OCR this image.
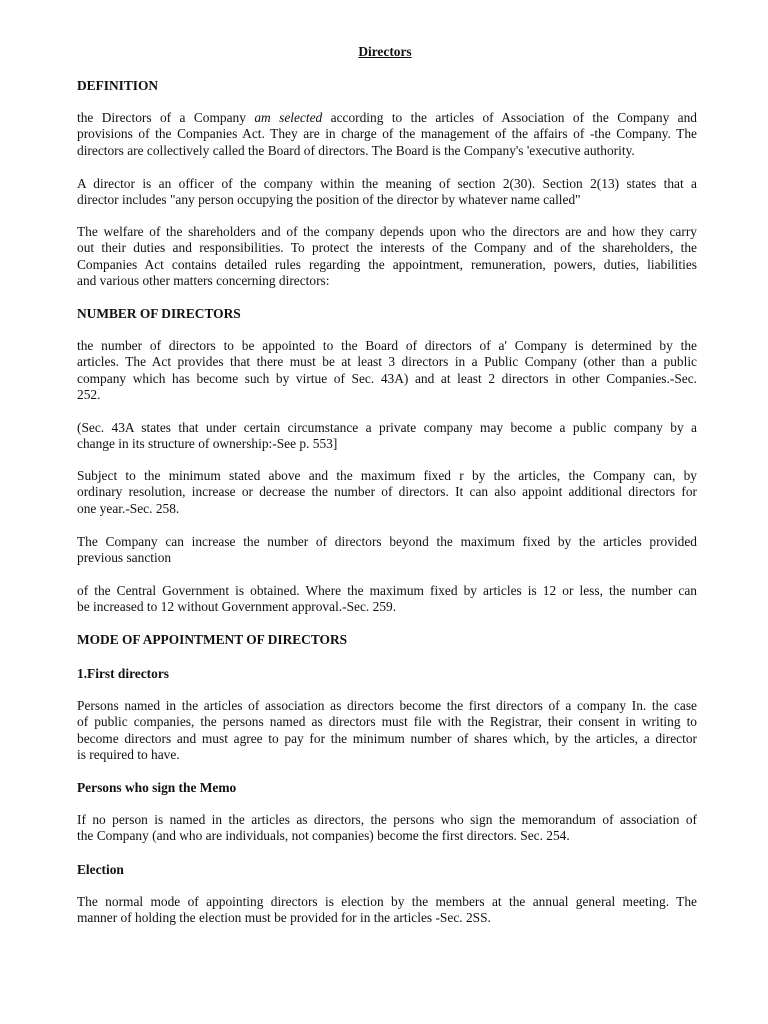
Directors
DEFINITION
the Directors of a Company am selected according to the articles of Association of the Company and
provisions of the Companies Act. They are in charge of the management of the affairs of -the Company. The
directors are collectively called the Board of directors. The Board is the Company's 'executive authority.
A director is an officer of the company within the meaning of section 2(30). Section 2(13) states that a
director includes "any person occupying the position of the director by whatever name called"
The welfare of the shareholders and of the company depends upon who the directors are and how they carry
out their duties and responsibilities. To protect the interests of the Company and of the shareholders, the
Companies Act contains detailed rules regarding the appointment, remuneration, powers, duties, liabilities
and various other matters concerning directors:
NUMBER OF DIRECTORS
the number of directors to be appointed to the Board of directors of a' Company is determined by the
articles. The Act provides that there must be at least 3 directors in a Public Company (other than a public
company which has become such by virtue of Sec. 43A) and at least 2 directors in other Companies.-Sec.
252.
(Sec. 43A states that under certain circumstance a private company may become a public company by a
change in its structure of ownership:-See p. 553]
Subject to the minimum stated above and the maximum fixed r by the articles, the Company can, by
ordinary resolution, increase or decrease the number of directors. It can also appoint additional directors for
one year.-Sec. 258.
The Company can increase the number of directors beyond the maximum fixed by the articles provided
previous sanction
of the Central Government is obtained. Where the maximum fixed by articles is 12 or less, the number can
be increased to 12 without Government approval.-Sec. 259.
MODE OF APPOINTMENT OF DIRECTORS
1.First directors
Persons named in the articles of association as directors become the first directors of a company In. the case
of public companies, the persons named as directors must file with the Registrar, their consent in writing to
become directors and must agree to pay for the minimum number of shares which, by the articles, a director
is required to have.
Persons who sign the Memo
If no person is named in the articles as directors, the persons who sign the memorandum of association of
the Company (and who are individuals, not companies) become the first directors. Sec. 254.
Election
The normal mode of appointing directors is election by the members at the annual general meeting. The
manner of holding the election must be provided for in the articles -Sec. 2SS.
